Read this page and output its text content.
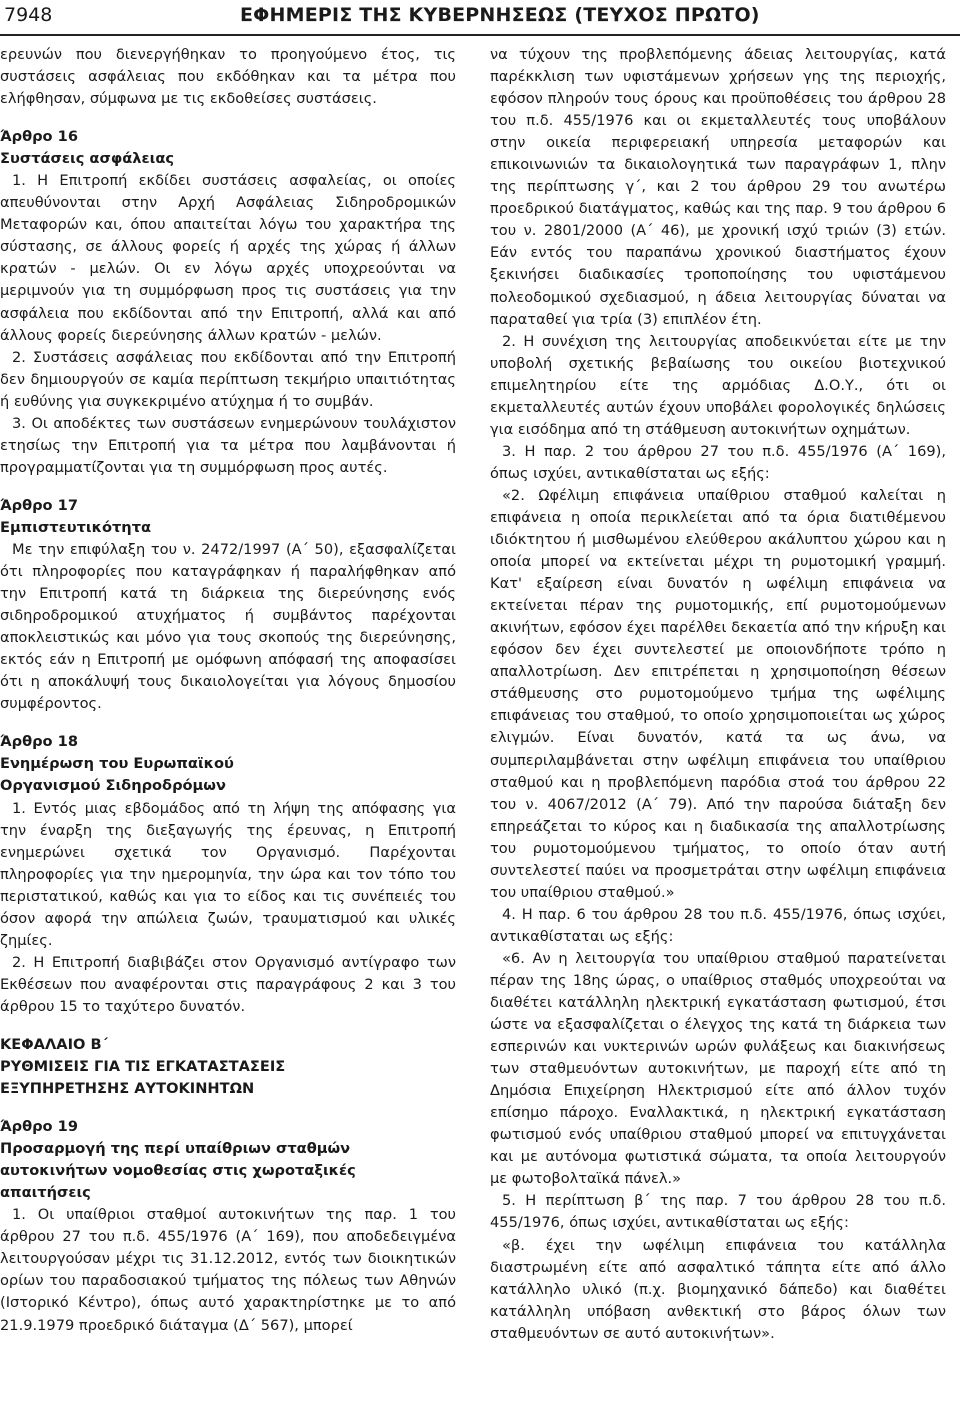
7948	ΕΦΗΜΕΡΙΣ ΤΗΣ ΚΥΒΕΡΝΗΣΕΩΣ (ΤΕΥΧΟΣ ΠΡΩΤΟ)

ερευνών που διενεργήθηκαν το προηγούμενο έτος, τις συστάσεις ασφάλειας που εκδόθηκαν και τα μέτρα που ελήφθησαν, σύμφωνα με τις εκδοθείσες συστάσεις.

Άρθρο 16

Συστάσεις ασφάλειας

1. Η Επιτροπή εκδίδει συστάσεις ασφαλείας, οι οποίες απευθύνονται στην Αρχή Ασφάλειας Σιδηροδρομικών Μεταφορών και, όπου απαιτείται λόγω του χαρακτήρα της σύστασης, σε άλλους φορείς ή αρχές της χώρας ή άλλων κρατών - μελών. Οι εν λόγω αρχές υποχρεούνται να μεριμνούν για τη συμμόρφωση προς τις συστάσεις για την ασφάλεια που εκδίδονται από την Επιτροπή, αλλά και από άλλους φορείς διερεύνησης άλλων κρατών - μελών.

2. Συστάσεις ασφάλειας που εκδίδονται από την Επιτροπή δεν δημιουργούν σε καμία περίπτωση τεκμήριο υπαιτιότητας ή ευθύνης για συγκεκριμένο ατύχημα ή το συμβάν.

3. Οι αποδέκτες των συστάσεων ενημερώνουν τουλάχιστον ετησίως την Επιτροπή για τα μέτρα που λαμβάνονται ή προγραμματίζονται για τη συμμόρφωση προς αυτές.

Άρθρο 17

Εμπιστευτικότητα

Με την επιφύλαξη του ν. 2472/1997 (Α΄ 50), εξασφαλίζεται ότι πληροφορίες που καταγράφηκαν ή παραλήφθηκαν από την Επιτροπή κατά τη διάρκεια της διερεύνησης ενός σιδηροδρομικού ατυχήματος ή συμβάντος παρέχονται αποκλειστικώς και μόνο για τους σκοπούς της διερεύνησης, εκτός εάν η Επιτροπή με ομόφωνη απόφασή της αποφασίσει ότι η αποκάλυψή τους δικαιολογείται για λόγους δημοσίου συμφέροντος.

Άρθρο 18

Ενημέρωση του Ευρωπαϊκού

Οργανισμού Σιδηροδρόμων

1. Εντός μιας εβδομάδος από τη λήψη της απόφασης για την έναρξη της διεξαγωγής της έρευνας, η Επιτροπή ενημερώνει σχετικά τον Οργανισμό. Παρέχονται πληροφορίες για την ημερομηνία, την ώρα και τον τόπο του περιστατικού, καθώς και για το είδος και τις συνέπειές του όσον αφορά την απώλεια ζωών, τραυματισμού και υλικές ζημίες.

2. Η Επιτροπή διαβιβάζει στον Οργανισμό αντίγραφο των Εκθέσεων που αναφέρονται στις παραγράφους 2 και 3 του άρθρου 15 το ταχύτερο δυνατόν.

ΚΕΦΑΛΑΙΟ Β΄

ΡΥΘΜΙΣΕΙΣ ΓΙΑ ΤΙΣ ΕΓΚΑΤΑΣΤΑΣΕΙΣ

ΕΞΥΠΗΡΕΤΗΣΗΣ ΑΥΤΟΚΙΝΗΤΩΝ

Άρθρο 19

Προσαρμογή της περί υπαίθριων σταθμών

αυτοκινήτων νομοθεσίας στις χωροταξικές

απαιτήσεις

1. Οι υπαίθριοι σταθμοί αυτοκινήτων της παρ. 1 του άρθρου 27 του π.δ. 455/1976 (Α΄ 169), που αποδεδειγμένα λειτουργούσαν μέχρι τις 31.12.2012, εντός των διοικητικών ορίων του παραδοσιακού τμήματος της πόλεως των Αθηνών (Ιστορικό Κέντρο), όπως αυτό χαρακτηρίστηκε με το από 21.9.1979 προεδρικό διάταγμα (Δ΄ 567), μπορεί

να τύχουν της προβλεπόμενης άδειας λειτουργίας, κατά παρέκκλιση των υφιστάμενων χρήσεων γης της περιοχής, εφόσον πληρούν τους όρους και προϋποθέσεις του άρθρου 28 του π.δ. 455/1976 και οι εκμεταλλευτές τους υποβάλουν στην οικεία περιφερειακή υπηρεσία μεταφορών και επικοινωνιών τα δικαιολογητικά των παραγράφων 1, πλην της περίπτωσης γ΄, και 2 του άρθρου 29 του ανωτέρω προεδρικού διατάγματος, καθώς και της παρ. 9 του άρθρου 6 του ν. 2801/2000 (Α΄ 46), με χρονική ισχύ τριών (3) ετών. Εάν εντός του παραπάνω χρονικού διαστήματος έχουν ξεκινήσει διαδικασίες τροποποίησης του υφιστάμενου πολεοδομικού σχεδιασμού, η άδεια λειτουργίας δύναται να παραταθεί για τρία (3) επιπλέον έτη.

2. Η συνέχιση της λειτουργίας αποδεικνύεται είτε με την υποβολή σχετικής βεβαίωσης του οικείου βιοτεχνικού επιμελητηρίου είτε της αρμόδιας Δ.Ο.Υ., ότι οι εκμεταλλευτές αυτών έχουν υποβάλει φορολογικές δηλώσεις για εισόδημα από τη στάθμευση αυτοκινήτων οχημάτων.

3. Η παρ. 2 του άρθρου 27 του π.δ. 455/1976 (Α΄ 169), όπως ισχύει, αντικαθίσταται ως εξής:

«2. Ωφέλιμη επιφάνεια υπαίθριου σταθμού καλείται η επιφάνεια η οποία περικλείεται από τα όρια διατιθέμενου ιδιόκτητου ή μισθωμένου ελεύθερου ακάλυπτου χώρου και η οποία μπορεί να εκτείνεται μέχρι τη ρυμοτομική γραμμή. Κατ' εξαίρεση είναι δυνατόν η ωφέλιμη επιφάνεια να εκτείνεται πέραν της ρυμοτομικής, επί ρυμοτομούμενων ακινήτων, εφόσον έχει παρέλθει δεκαετία από την κήρυξη και εφόσον δεν έχει συντελεστεί με οποιονδήποτε τρόπο η απαλλοτρίωση. Δεν επιτρέπεται η χρησιμοποίηση θέσεων στάθμευσης στο ρυμοτομούμενο τμήμα της ωφέλιμης επιφάνειας του σταθμού, το οποίο χρησιμοποιείται ως χώρος ελιγμών. Είναι δυνατόν, κατά τα ως άνω, να συμπεριλαμβάνεται στην ωφέλιμη επιφάνεια του υπαίθριου σταθμού και η προβλεπόμενη παρόδια στοά του άρθρου 22 του ν. 4067/2012 (Α΄ 79). Από την παρούσα διάταξη δεν επηρεάζεται το κύρος και η διαδικασία της απαλλοτρίωσης του ρυμοτομούμενου τμήματος, το οποίο όταν αυτή συντελεστεί παύει να προσμετράται στην ωφέλιμη επιφάνεια του υπαίθριου σταθμού.»

4. Η παρ. 6 του άρθρου 28 του π.δ. 455/1976, όπως ισχύει, αντικαθίσταται ως εξής:

«6. Αν η λειτουργία του υπαίθριου σταθμού παρατείνεται πέραν της 18ης ώρας, ο υπαίθριος σταθμός υποχρεούται να διαθέτει κατάλληλη ηλεκτρική εγκατάσταση φωτισμού, έτσι ώστε να εξασφαλίζεται ο έλεγχος της κατά τη διάρκεια των εσπερινών και νυκτερινών ωρών φυλάξεως και διακινήσεως των σταθμευόντων αυτοκινήτων, με παροχή είτε από τη Δημόσια Επιχείρηση Ηλεκτρισμού είτε από άλλον τυχόν επίσημο πάροχο. Εναλλακτικά, η ηλεκτρική εγκατάσταση φωτισμού ενός υπαίθριου σταθμού μπορεί να επιτυγχάνεται και με αυτόνομα φωτιστικά σώματα, τα οποία λειτουργούν με φωτοβολταϊκά πάνελ.»

5. Η περίπτωση β΄ της παρ. 7 του άρθρου 28 του π.δ. 455/1976, όπως ισχύει, αντικαθίσταται ως εξής:

«β. έχει την ωφέλιμη επιφάνεια του κατάλληλα διαστρωμένη είτε από ασφαλτικό τάπητα είτε από άλλο κατάλληλο υλικό (π.χ. βιομηχανικό δάπεδο) και διαθέτει κατάλληλη υπόβαση ανθεκτική στο βάρος όλων των σταθμευόντων σε αυτό αυτοκινήτων».
